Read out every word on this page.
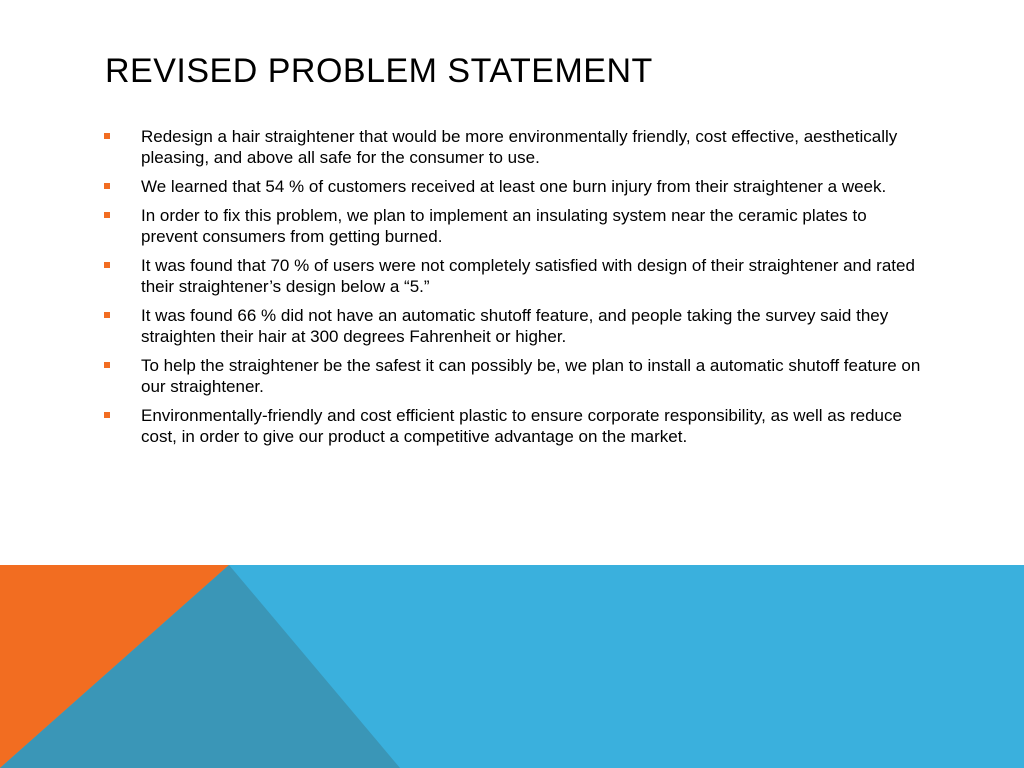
REVISED PROBLEM STATEMENT
Redesign a hair straightener that would be more environmentally friendly, cost effective, aesthetically pleasing, and above all safe for the consumer to use.
We learned that 54 % of customers received at least one burn injury from their straightener a week.
In order to fix this problem, we plan to implement an insulating system near the ceramic plates to prevent consumers from getting burned.
It was found that 70 % of users were not completely satisfied with design of their straightener and rated their straightener’s design below a “5.”
It was found 66 % did not have an automatic shutoff feature, and people taking the survey said they straighten their hair at 300 degrees Fahrenheit or higher.
To help the straightener be the safest it can possibly be, we plan to install a automatic shutoff feature on our straightener.
Environmentally-friendly and cost efficient plastic to ensure corporate responsibility, as well as reduce cost, in order to give our product a competitive advantage on the market.
